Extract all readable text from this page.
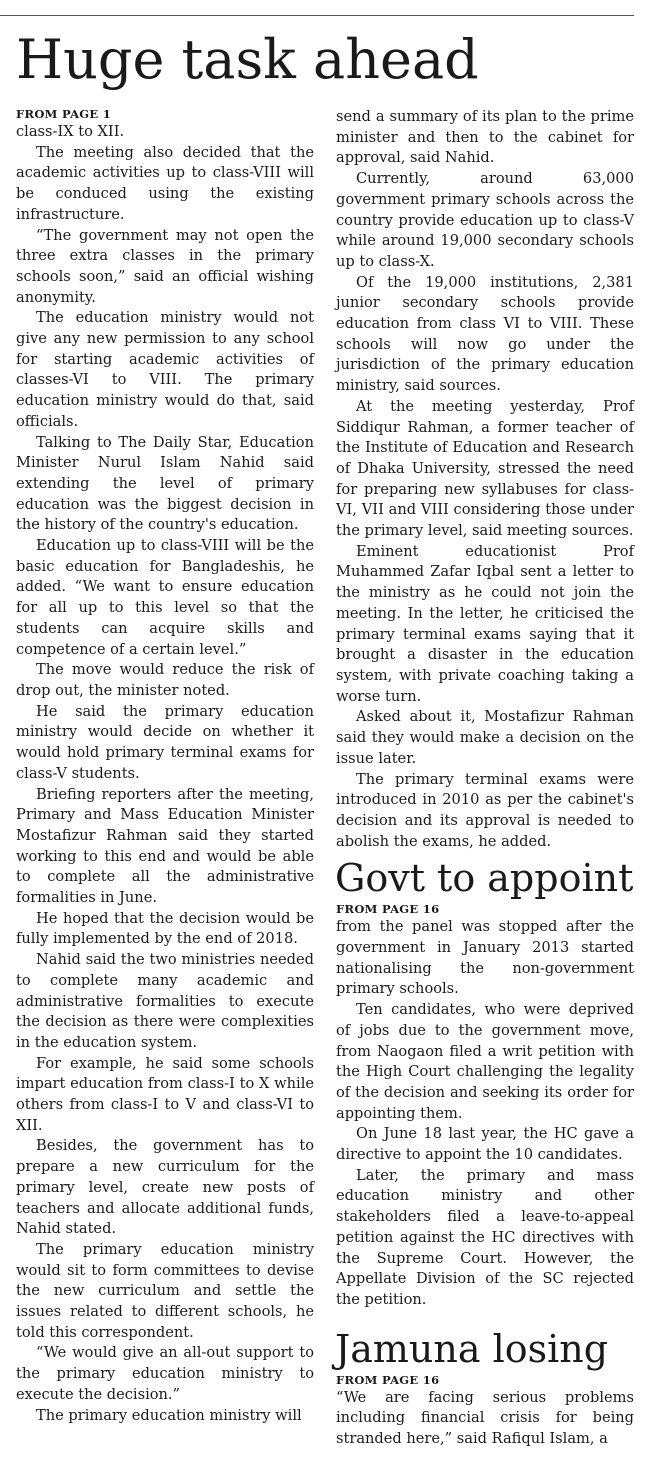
Huge task ahead

FROM PAGE 1

class-IX to XII.

The meeting also decided that the academic activities up to class-VIII will be conduced using the existing infrastructure.

“The government may not open the three extra classes in the primary schools soon,” said an official wishing anonymity.

The education ministry would not give any new permission to any school for starting academic activities of classes-VI to VIII. The primary education ministry would do that, said officials.

Talking to The Daily Star, Education Minister Nurul Islam Nahid said extending the level of primary education was the biggest decision in the history of the country's education.

Education up to class-VIII will be the basic education for Bangladeshis, he added. “We want to ensure education for all up to this level so that the students can acquire skills and competence of a certain level.”

The move would reduce the risk of drop out, the minister noted.

He said the primary education ministry would decide on whether it would hold primary terminal exams for class-V students.

Briefing reporters after the meeting, Primary and Mass Education Minister Mostafizur Rahman said they started working to this end and would be able to complete all the administrative formalities in June.

He hoped that the decision would be fully implemented by the end of 2018.

Nahid said the two ministries needed to complete many academic and administrative formalities to execute the decision as there were complexities in the education system.

For example, he said some schools impart education from class-I to X while others from class-I to V and class-VI to XII.

Besides, the government has to prepare a new curriculum for the primary level, create new posts of teachers and allocate additional funds, Nahid stated.

The primary education ministry would sit to form committees to devise the new curriculum and settle the issues related to different schools, he told this correspondent.

“We would give an all-out support to the primary education ministry to execute the decision.”

The primary education ministry will

send a summary of its plan to the prime minister and then to the cabinet for approval, said Nahid.

Currently, around 63,000 government primary schools across the country provide education up to class-V while around 19,000 secondary schools up to class-X.

Of the 19,000 institutions, 2,381 junior secondary schools provide education from class VI to VIII. These schools will now go under the jurisdiction of the primary education ministry, said sources.

At the meeting yesterday, Prof Siddiqur Rahman, a former teacher of the Institute of Education and Research of Dhaka University, stressed the need for preparing new syllabuses for class-VI, VII and VIII considering those under the primary level, said meeting sources.

Eminent educationist Prof Muhammed Zafar Iqbal sent a letter to the ministry as he could not join the meeting. In the letter, he criticised the primary terminal exams saying that it brought a disaster in the education system, with private coaching taking a worse turn.

Asked about it, Mostafizur Rahman said they would make a decision on the issue later.

The primary terminal exams were introduced in 2010 as per the cabinet's decision and its approval is needed to abolish the exams, he added.

Govt to appoint

FROM PAGE 16

from the panel was stopped after the government in January 2013 started nationalising the non-government primary schools.

Ten candidates, who were deprived of jobs due to the government move, from Naogaon filed a writ petition with the High Court challenging the legality of the decision and seeking its order for appointing them.

On June 18 last year, the HC gave a directive to appoint the 10 candidates.

Later, the primary and mass education ministry and other stakeholders filed a leave-to-appeal petition against the HC directives with the Supreme Court. However, the Appellate Division of the SC rejected the petition.

Jamuna losing

FROM PAGE 16

“We are facing serious problems including financial crisis for being stranded here,” said Rafiqul Islam, a
